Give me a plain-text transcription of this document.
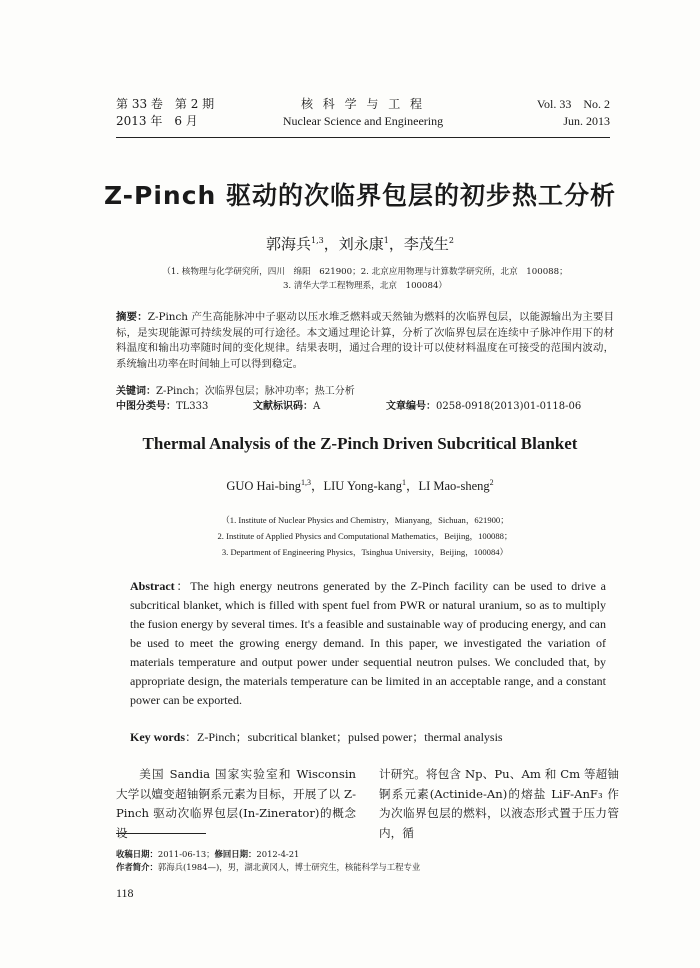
第 33 卷　第 2 期
2013 年　6 月
核 科 学 与 工 程
Nuclear Science and Engineering
Vol. 33　No. 2
Jun. 2013
Z-Pinch 驱动的次临界包层的初步热工分析
郭海兵$^{1,3}$，刘永康$^1$，李茂生$^2$
（1. 核物理与化学研究所，四川　绵阳　621900；2. 北京应用物理与计算数学研究所，北京　100088；
3. 清华大学工程物理系，北京　100084）
摘要：Z-Pinch 产生高能脉冲中子驱动以压水堆乏燃料或天然铀为燃料的次临界包层，以能源输出为主要目标，是实现能源可持续发展的可行途径。本文通过理论计算，分析了次临界包层在连续中子脉冲作用下的材料温度和输出功率随时间的变化规律。结果表明，通过合理的设计可以使材料温度在可接受的范围内波动，系统输出功率在时间轴上可以得到稳定。
关键词：Z-Pinch；次临界包层；脉冲功率；热工分析
中图分类号： TL333	文献标识码： A	文章编号： 0258-0918(2013)01-0118-06
Thermal Analysis of the Z-Pinch Driven Subcritical Blanket
GUO Hai-bing$^{1,3}$，LIU Yong-kang$^1$，LI Mao-sheng$^2$
（1. Institute of Nuclear Physics and Chemistry，Mianyang，Sichuan，621900；
2. Institute of Applied Physics and Computational Mathematics，Beijing，100088；
3. Department of Engineering Physics，Tsinghua University，Beijing，100084）
Abstract：The high energy neutrons generated by the Z-Pinch facility can be used to drive a subcritical blanket, which is filled with spent fuel from PWR or natural uranium, so as to multiply the fusion energy by several times. It's a feasible and sustainable way of producing energy, and can be used to meet the growing energy demand. In this paper, we investigated the variation of materials temperature and output power under sequential neutron pulses. We concluded that, by appropriate design, the materials temperature can be limited in an acceptable range, and a constant power can be exported.
Key words：Z-Pinch；subcritical blanket；pulsed power；thermal analysis
美国 Sandia 国家实验室和 Wisconsin 大学以嬗变超铀锕系元素为目标，开展了以 Z-Pinch 驱动次临界包层(In-Zinerator)的概念设
计研究。将包含 Np、Pu、Am 和 Cm 等超铀锕系元素(Actinide-An)的熔盐 LiF-AnF₃ 作为次临界包层的燃料，以液态形式置于压力管内，循
收稿日期：2011-06-13；修回日期：2012-4-21
作者简介：郭海兵(1984—)，男，湖北黄冈人，博士研究生，核能科学与工程专业
118
